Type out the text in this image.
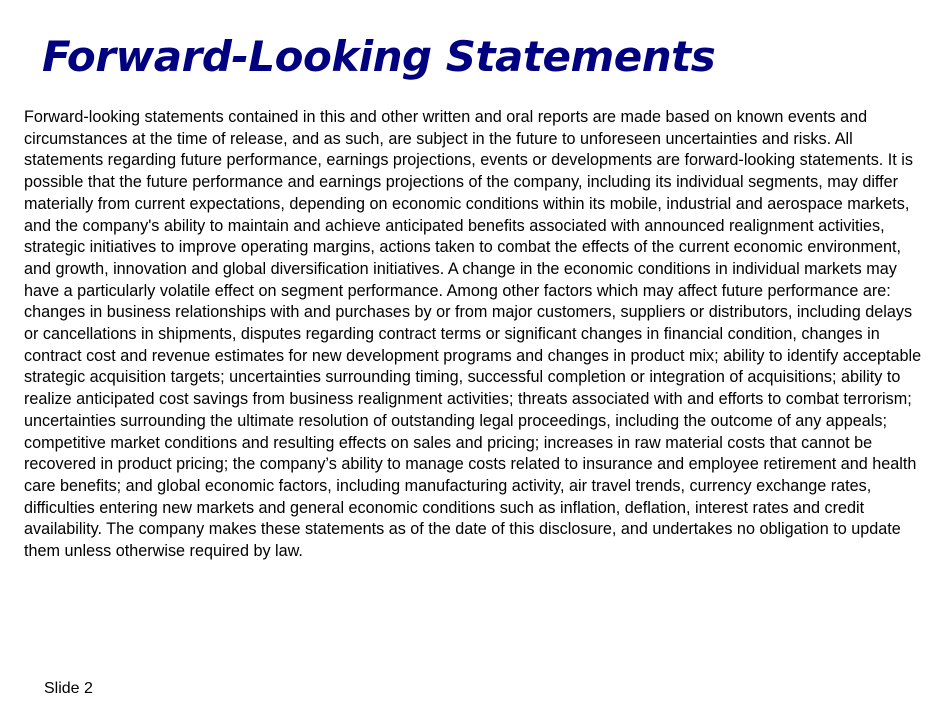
Forward-Looking Statements

Forward-looking statements contained in this and other written and oral reports are made based on known events and circumstances at the time of release, and as such, are subject in the future to unforeseen uncertainties and risks. All statements regarding future performance, earnings projections, events or developments are forward-looking statements. It is possible that the future performance and earnings projections of the company, including its individual segments, may differ materially from current expectations, depending on economic conditions within its mobile, industrial and aerospace markets, and the company's ability to maintain and achieve anticipated benefits associated with announced realignment activities, strategic initiatives to improve operating margins, actions taken to combat the effects of the current economic environment, and growth, innovation and global diversification initiatives. A change in the economic conditions in individual markets may have a particularly volatile effect on segment performance. Among other factors which may affect future performance are: changes in business relationships with and purchases by or from major customers, suppliers or distributors, including delays or cancellations in shipments, disputes regarding contract terms or significant changes in financial condition, changes in contract cost and revenue estimates for new development programs and changes in product mix; ability to identify acceptable strategic acquisition targets; uncertainties surrounding timing, successful completion or integration of acquisitions; ability to realize anticipated cost savings from business realignment activities; threats associated with and efforts to combat terrorism; uncertainties surrounding the ultimate resolution of outstanding legal proceedings, including the outcome of any appeals; competitive market conditions and resulting effects on sales and pricing; increases in raw material costs that cannot be recovered in product pricing; the company’s ability to manage costs related to insurance and employee retirement and health care benefits; and global economic factors, including manufacturing activity, air travel trends, currency exchange rates, difficulties entering new markets and general economic conditions such as inflation, deflation, interest rates and credit availability. The company makes these statements as of the date of this disclosure, and undertakes no obligation to update them unless otherwise required by law.

Slide 2
